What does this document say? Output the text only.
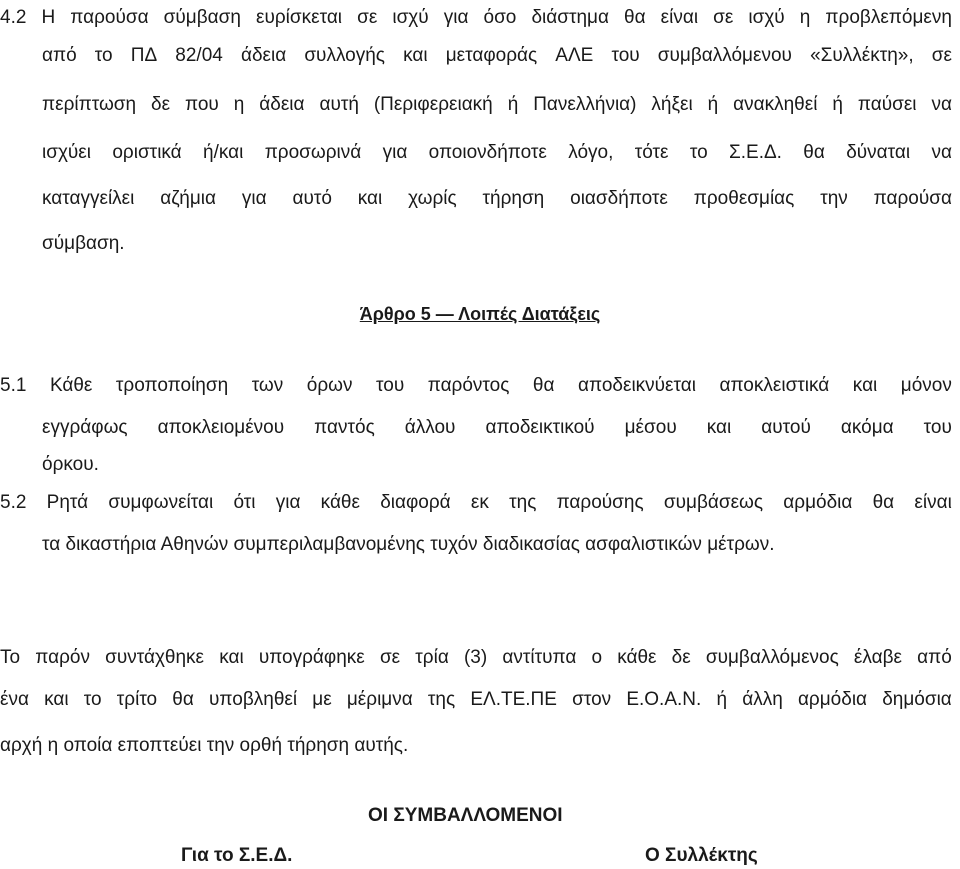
4.2 Η παρούσα σύμβαση ευρίσκεται σε ισχύ για όσο διάστημα θα είναι σε ισχύ η προβλεπόμενη
από το ΠΔ 82/04 άδεια συλλογής και μεταφοράς ΑΛΕ του συμβαλλόμενου «Συλλέκτη», σε
περίπτωση δε που η άδεια αυτή (Περιφερειακή ή Πανελλήνια) λήξει ή ανακληθεί ή παύσει να
ισχύει οριστικά ή/και προσωρινά για οποιονδήποτε λόγο, τότε το Σ.Ε.Δ. θα δύναται να
καταγγείλει αζήμια για αυτό και χωρίς τήρηση οιασδήποτε προθεσμίας την παρούσα
σύμβαση.
Άρθρο 5 — Λοιπές Διατάξεις
5.1 Κάθε τροποποίηση των όρων του παρόντος θα αποδεικνύεται αποκλειστικά και μόνον
εγγράφως αποκλειομένου παντός άλλου αποδεικτικού μέσου και αυτού ακόμα του
όρκου.
5.2 Ρητά συμφωνείται ότι για κάθε διαφορά εκ της παρούσης συμβάσεως αρμόδια θα είναι
τα δικαστήρια Αθηνών συμπεριλαμβανομένης τυχόν διαδικασίας ασφαλιστικών μέτρων.
Το παρόν συντάχθηκε και υπογράφηκε σε τρία (3) αντίτυπα ο κάθε δε συμβαλλόμενος έλαβε από
ένα και το τρίτο θα υποβληθεί με μέριμνα της ΕΛ.ΤΕ.ΠΕ στον Ε.Ο.Α.Ν. ή άλλη αρμόδια δημόσια
αρχή η οποία εποπτεύει την ορθή τήρηση αυτής.
ΟΙ ΣΥΜΒΑΛΛΟΜΕΝΟΙ
Για το Σ.Ε.Δ.	Ο Συλλέκτης
